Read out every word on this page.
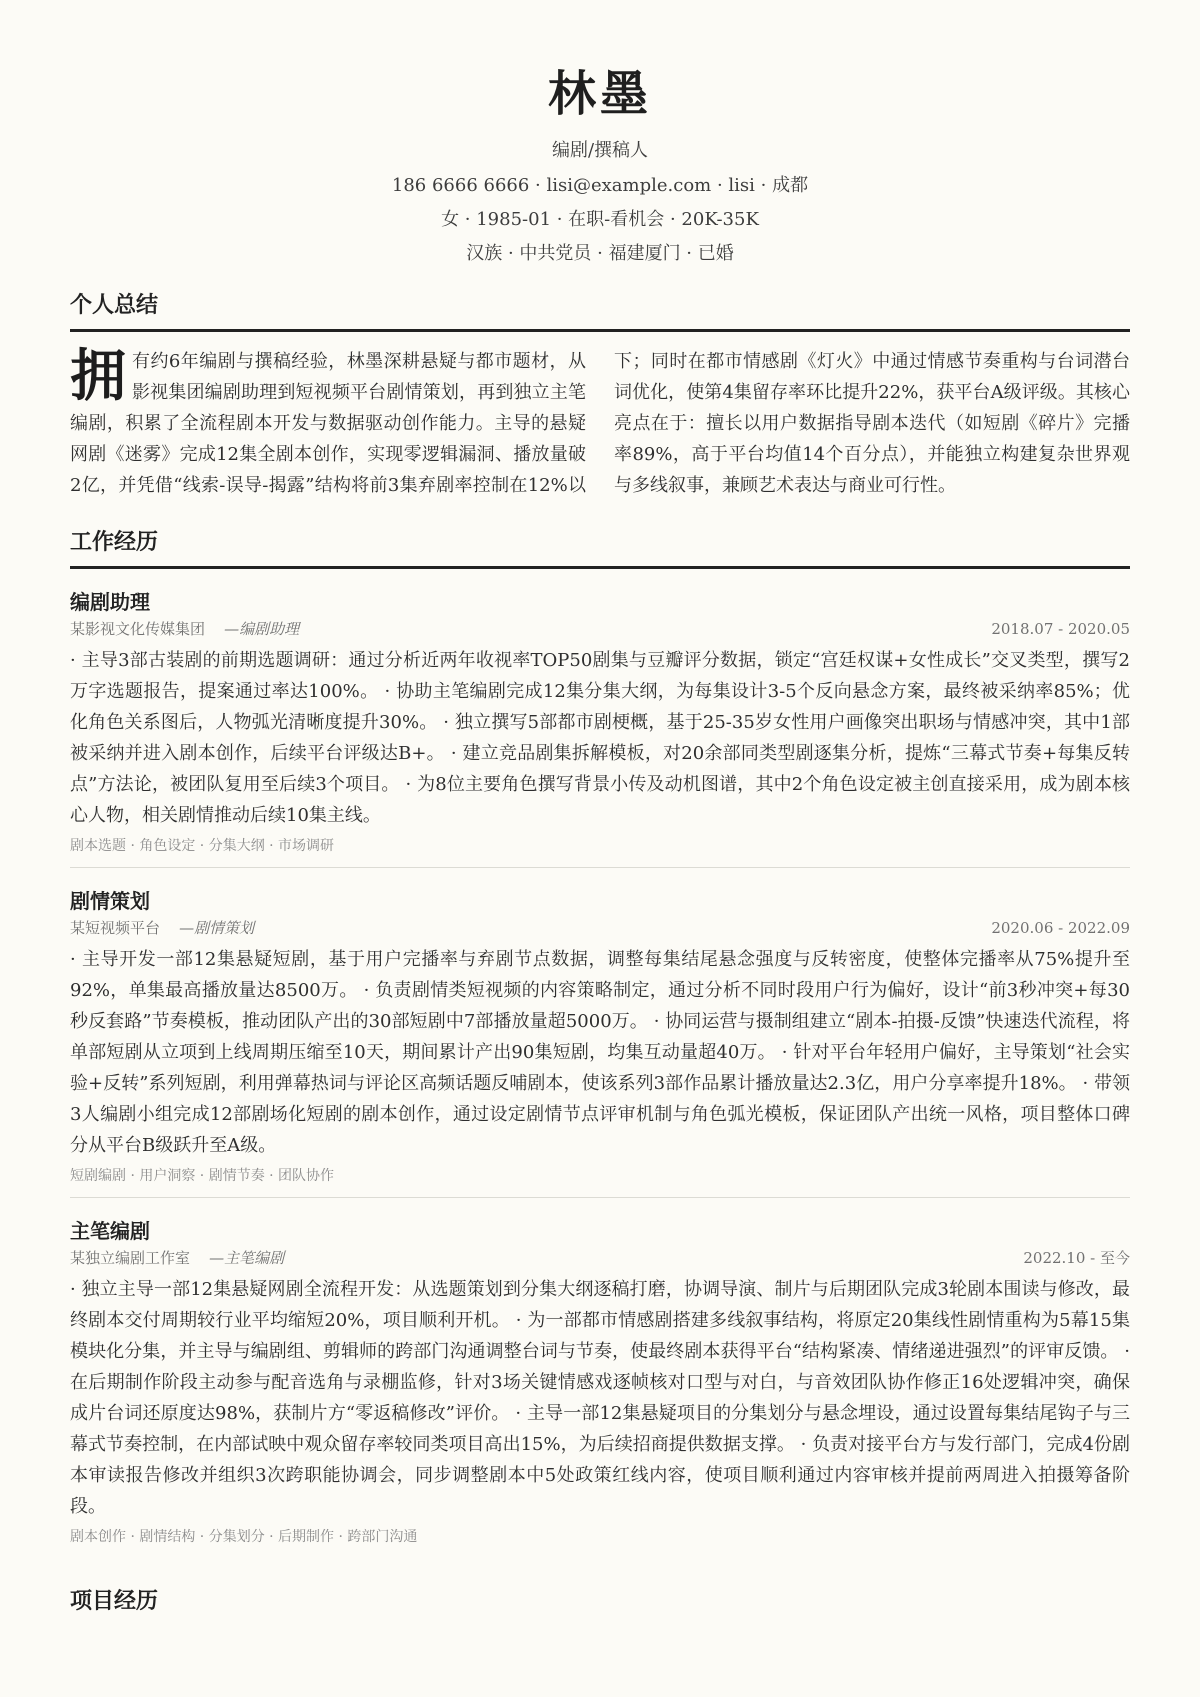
林墨
编剧/撰稿人
186 6666 6666 · lisi@example.com · lisi · 成都
女 · 1985-01 · 在职-看机会 · 20K-35K
汉族 · 中共党员 · 福建厦门 · 已婚
个人总结
拥 有约6年编剧与撰稿经验，林墨深耕悬疑与都市题材，从影视集团编剧助理到短视频平台剧情策划，再到独立主笔编剧，积累了全流程剧本开发与数据驱动创作能力。主导的悬疑网剧《迷雾》完成12集全剧本创作，实现零逻辑漏洞、播放量破2亿，并凭借“线索-误导-揭露”结构将前3集弃剧率控制在12%以下；同时在都市情感剧《灯火》中通过情感节奏重构与台词潜台词优化，使第4集留存率环比提升22%，获平台A级评级。其核心亮点在于：擅长以用户数据指导剧本迭代（如短剧《碎片》完播率89%，高于平台均值14个百分点），并能独立构建复杂世界观与多线叙事，兼顾艺术表达与商业可行性。
工作经历
编剧助理
某影视文化传媒集团 —编剧助理	2018.07 - 2020.05
· 主导3部古装剧的前期选题调研：通过分析近两年收视率TOP50剧集与豆瓣评分数据，锁定“宫廷权谋+女性成长”交叉类型，撰写2万字选题报告，提案通过率达100%。 · 协助主笔编剧完成12集分集大纲，为每集设计3-5个反向悬念方案，最终被采纳率85%；优化角色关系图后，人物弧光清晰度提升30%。 · 独立撰写5部都市剧梗概，基于25-35岁女性用户画像突出职场与情感冲突，其中1部被采纳并进入剧本创作，后续平台评级达B+。 · 建立竞品剧集拆解模板，对20余部同类型剧逐集分析，提炼“三幕式节奏+每集反转点”方法论，被团队复用至后续3个项目。 · 为8位主要角色撰写背景小传及动机图谱，其中2个角色设定被主创直接采用，成为剧本核心人物，相关剧情推动后续10集主线。
剧本选题 · 角色设定 · 分集大纲 · 市场调研
剧情策划
某短视频平台 —剧情策划	2020.06 - 2022.09
· 主导开发一部12集悬疑短剧，基于用户完播率与弃剧节点数据，调整每集结尾悬念强度与反转密度，使整体完播率从75%提升至92%，单集最高播放量达8500万。 · 负责剧情类短视频的内容策略制定，通过分析不同时段用户行为偏好，设计“前3秒冲突+每30秒反套路”节奏模板，推动团队产出的30部短剧中7部播放量超5000万。 · 协同运营与摄制组建立“剧本-拍摄-反馈”快速迭代流程，将单部短剧从立项到上线周期压缩至10天，期间累计产出90集短剧，均集互动量超40万。 · 针对平台年轻用户偏好，主导策划“社会实验+反转”系列短剧，利用弹幕热词与评论区高频话题反哺剧本，使该系列3部作品累计播放量达2.3亿，用户分享率提升18%。 · 带领3人编剧小组完成12部剧场化短剧的剧本创作，通过设定剧情节点评审机制与角色弧光模板，保证团队产出统一风格，项目整体口碑分从平台B级跃升至A级。
短剧编剧 · 用户洞察 · 剧情节奏 · 团队协作
主笔编剧
某独立编剧工作室 —主笔编剧	2022.10 - 至今
· 独立主导一部12集悬疑网剧全流程开发：从选题策划到分集大纲逐稿打磨，协调导演、制片与后期团队完成3轮剧本围读与修改，最终剧本交付周期较行业平均缩短20%，项目顺利开机。 · 为一部都市情感剧搭建多线叙事结构，将原定20集线性剧情重构为5幕15集模块化分集，并主导与编剧组、剪辑师的跨部门沟通调整台词与节奏，使最终剧本获得平台“结构紧凑、情绪递进强烈”的评审反馈。 · 在后期制作阶段主动参与配音选角与录棚监修，针对3场关键情感戏逐帧核对口型与对白，与音效团队协作修正16处逻辑冲突，确保成片台词还原度达98%，获制片方“零返稿修改”评价。 · 主导一部12集悬疑项目的分集划分与悬念埋设，通过设置每集结尾钩子与三幕式节奏控制，在内部试映中观众留存率较同类项目高出15%，为后续招商提供数据支撑。 · 负责对接平台方与发行部门，完成4份剧本审读报告修改并组织3次跨职能协调会，同步调整剧本中5处政策红线内容，使项目顺利通过内容审核并提前两周进入拍摄筹备阶段。
剧本创作 · 剧情结构 · 分集划分 · 后期制作 · 跨部门沟通
项目经历
